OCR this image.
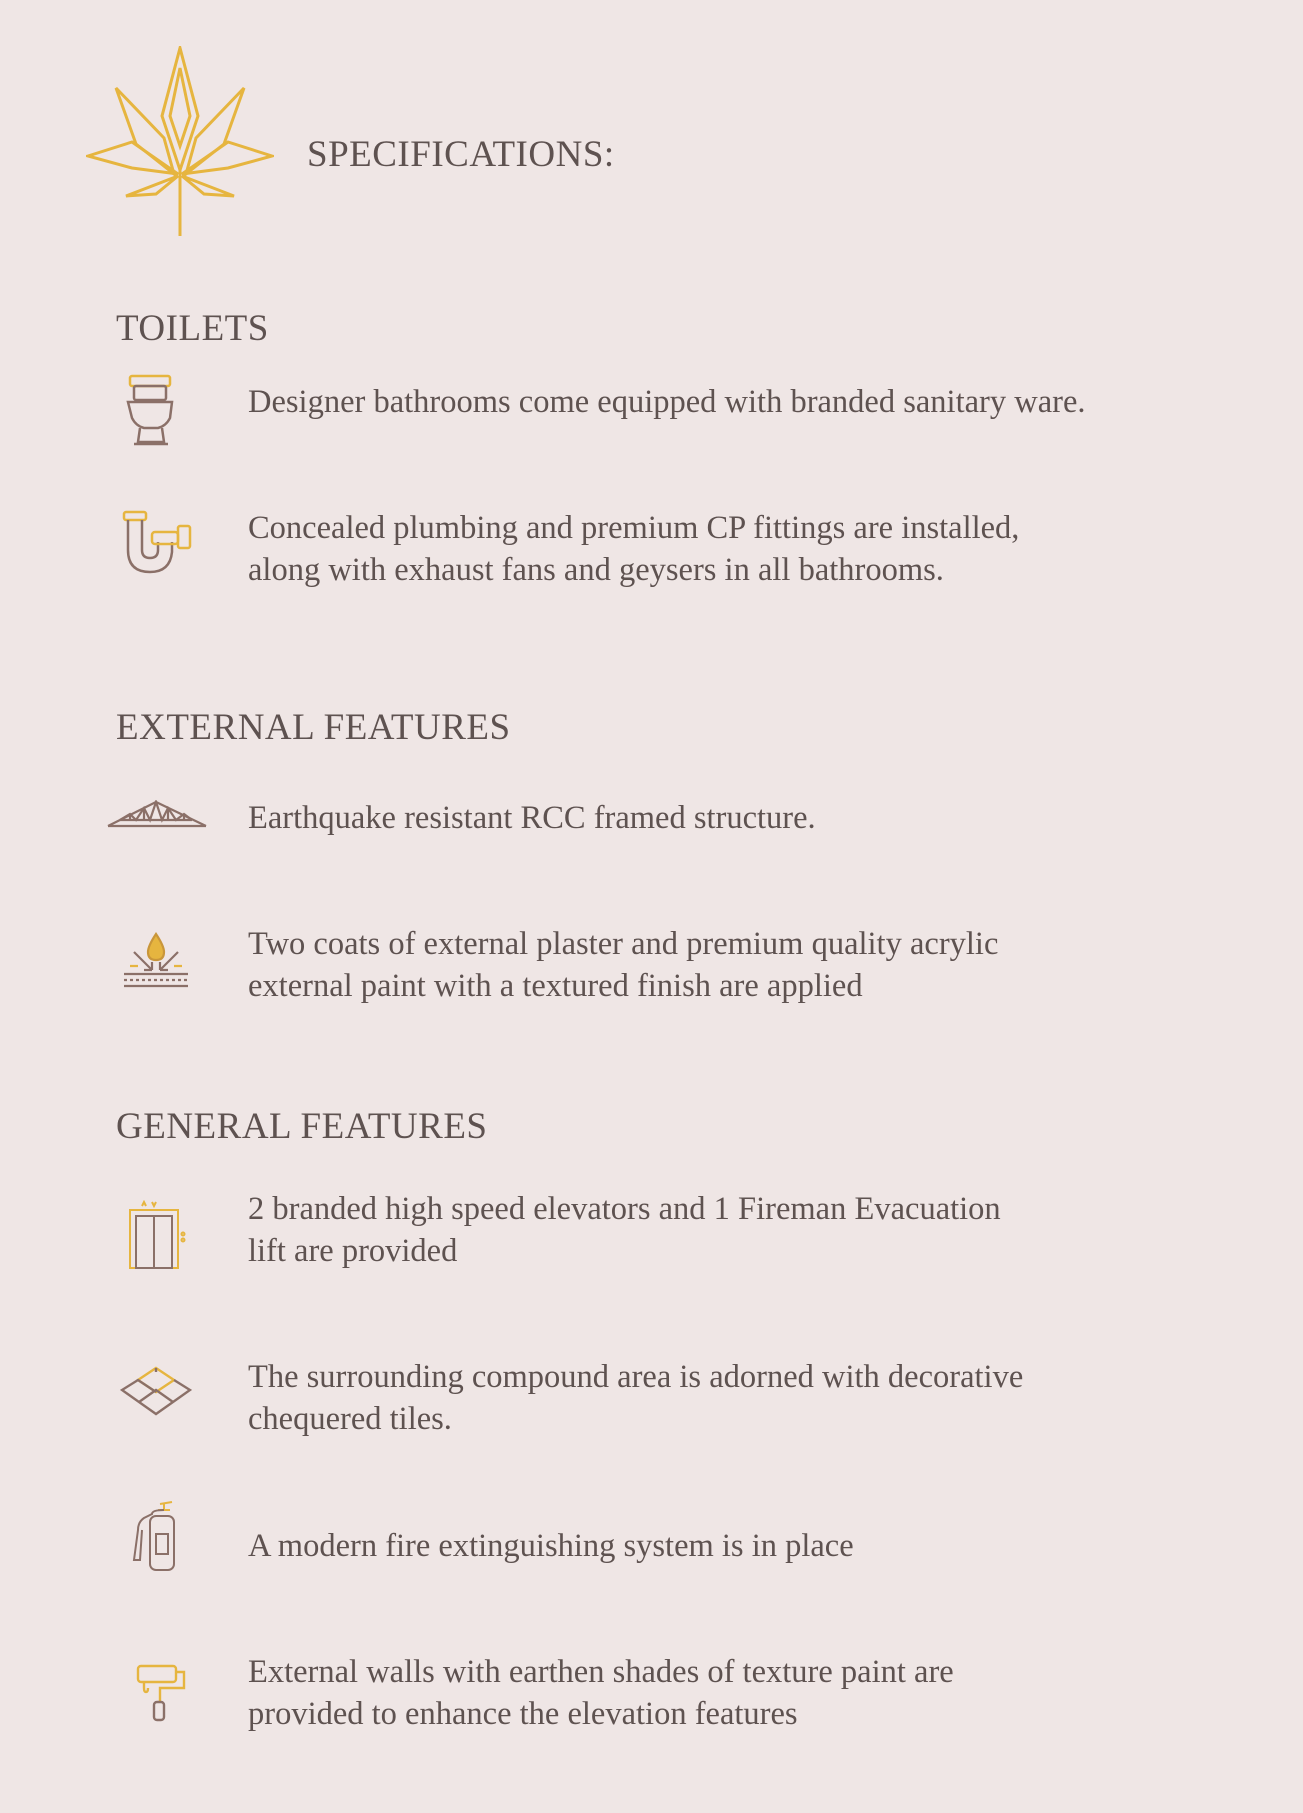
SPECIFICATIONS:
TOILETS
Designer bathrooms come equipped with branded sanitary ware.
Concealed plumbing and premium CP fittings are installed,
along with exhaust fans and geysers in all bathrooms.
EXTERNAL FEATURES
Earthquake resistant RCC framed structure.
Two coats of external plaster and premium quality acrylic
external paint with a textured finish are applied
GENERAL FEATURES
2 branded high speed elevators and 1 Fireman Evacuation
lift are provided
The surrounding compound area is adorned with decorative
chequered tiles.
A modern fire extinguishing system is in place
External walls with earthen shades of texture paint are
provided to enhance the elevation features
